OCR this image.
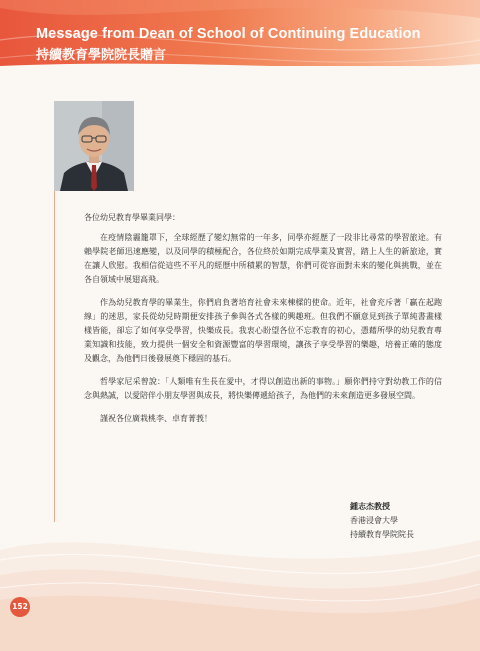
Message from Dean of School of Continuing Education
持續教育學院院長贈言

各位幼兒教育學畢業同學：

在疫情陰霾籠罩下，全球經歷了變幻無常的一年多，同學亦經歷了一段非比尋常的學習旅途。有賴學院老師迅速應變，以及同學的積極配合，各位終於如期完成學業及實習，踏上人生的新旅途，實在讓人欣慰。我相信從這些不平凡的經歷中所積累的智慧，你們可從容面對未來的變化與挑戰，並在各自領域中展翅高飛。

作為幼兒教育學的畢業生，你們肩負著培育社會未來棟樑的使命。近年，社會充斥著「贏在起跑線」的迷思，家長從幼兒時期便安排孩子參與各式各樣的興趣班。但我們不願意見到孩子單純書畫樣樣皆能，卻忘了如何享受學習，快樂成長。我衷心盼望各位不忘教育的初心，憑藉所學的幼兒教育專業知識和技能，致力提供一個安全和資源豐富的學習環境，讓孩子享受學習的樂趣，培養正確的態度及觀念，為他們日後發展奠下穩固的基石。

哲學家尼采曾說：「人類唯有生長在愛中，才得以創造出新的事物。」願你們持守對幼教工作的信念與熱誠，以愛陪伴小朋友學習與成長，將快樂傳遞給孩子，為他們的未來創造更多發展空間。

謹祝各位廣栽桃李、卓育菁莪！

鍾志杰教授
香港浸會大學
持續教育學院院長
152
